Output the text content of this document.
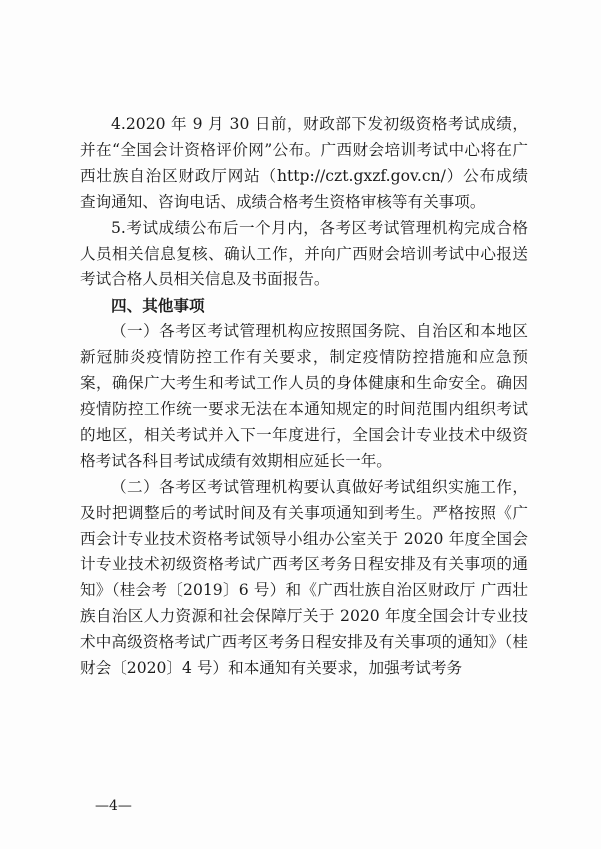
4.2020 年 9 月 30 日前，财政部下发初级资格考试成绩，并在“全国会计资格评价网”公布。广西财会培训考试中心将在广西壮族自治区财政厅网站（http://czt.gxzf.gov.cn/）公布成绩查询通知、咨询电话、成绩合格考生资格审核等有关事项。

5.考试成绩公布后一个月内，各考区考试管理机构完成合格人员相关信息复核、确认工作，并向广西财会培训考试中心报送考试合格人员相关信息及书面报告。

四、其他事项

（一）各考区考试管理机构应按照国务院、自治区和本地区新冠肺炎疫情防控工作有关要求，制定疫情防控措施和应急预案，确保广大考生和考试工作人员的身体健康和生命安全。确因疫情防控工作统一要求无法在本通知规定的时间范围内组织考试的地区，相关考试并入下一年度进行，全国会计专业技术中级资格考试各科目考试成绩有效期相应延长一年。

（二）各考区考试管理机构要认真做好考试组织实施工作，及时把调整后的考试时间及有关事项通知到考生。严格按照《广西会计专业技术资格考试领导小组办公室关于 2020 年度全国会计专业技术初级资格考试广西考区考务日程安排及有关事项的通知》（桂会考〔2019〕6 号）和《广西壮族自治区财政厅 广西壮族自治区人力资源和社会保障厅关于 2020 年度全国会计专业技术中高级资格考试广西考区考务日程安排及有关事项的通知》（桂财会〔2020〕4 号）和本通知有关要求，加强考试考务

—4—
